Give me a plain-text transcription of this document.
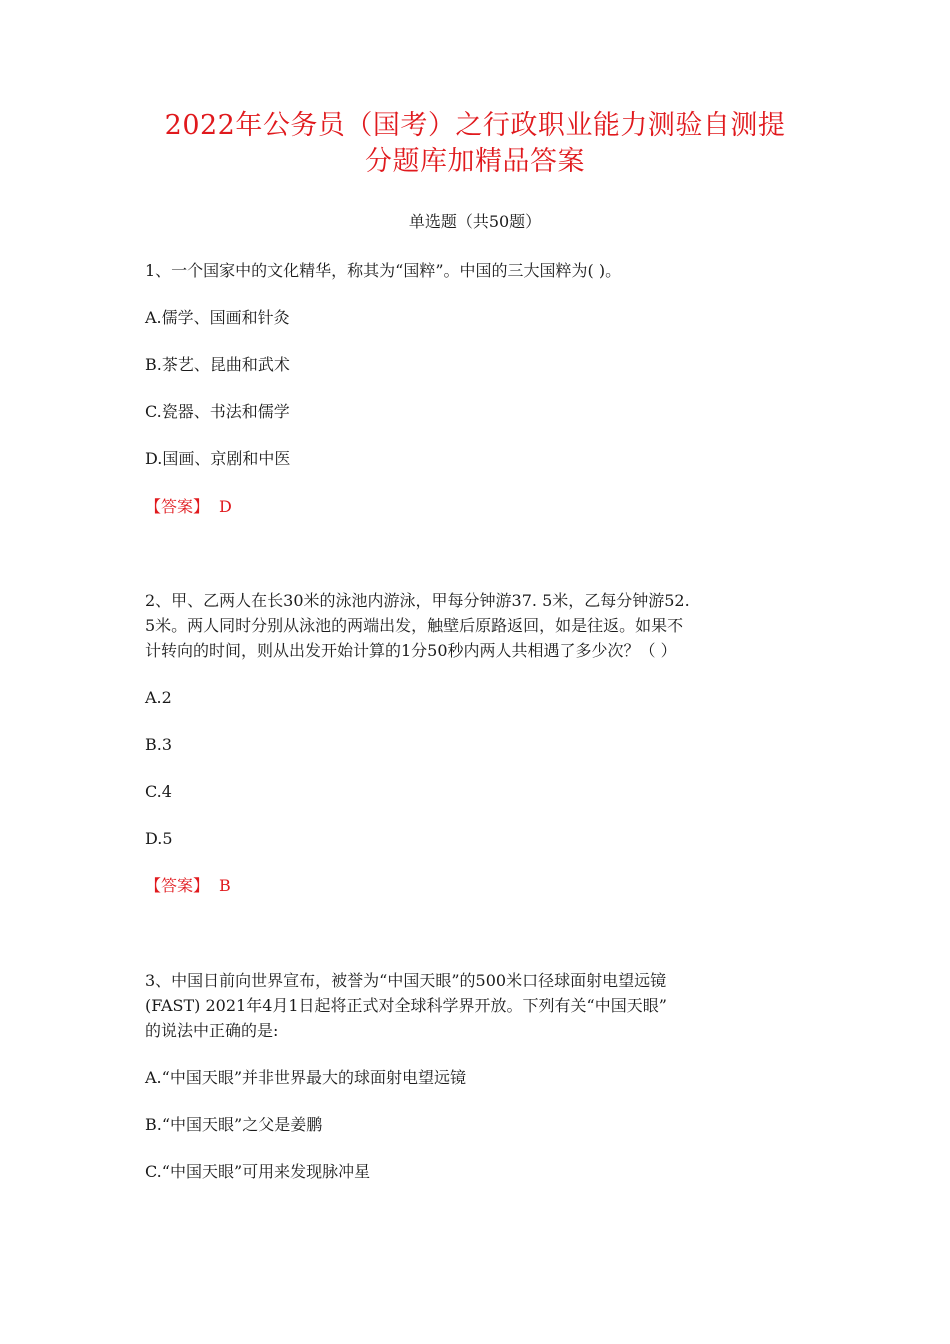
2022年公务员（国考）之行政职业能力测验自测提
分题库加精品答案
单选题（共50题）
1、一个国家中的文化精华，称其为“国粹”。中国的三大国粹为( )。
A.儒学、国画和针灸
B.茶艺、昆曲和武术
C.瓷器、书法和儒学
D.国画、京剧和中医
【答案】 D
2、甲、乙两人在长30米的泳池内游泳，甲每分钟游37. 5米，乙每分钟游52.
5米。两人同时分别从泳池的两端出发，触壁后原路返回，如是往返。如果不
计转向的时间，则从出发开始计算的1分50秒内两人共相遇了多少次？（ ）
A.2
B.3
C.4
D.5
【答案】 B
3、中国日前向世界宣布，被誉为“中国天眼”的500米口径球面射电望远镜
(FAST) 2021年4月1日起将正式对全球科学界开放。下列有关“中国天眼”
的说法中正确的是:
A.“中国天眼”并非世界最大的球面射电望远镜
B.“中国天眼”之父是姜鹏
C.“中国天眼”可用来发现脉冲星
